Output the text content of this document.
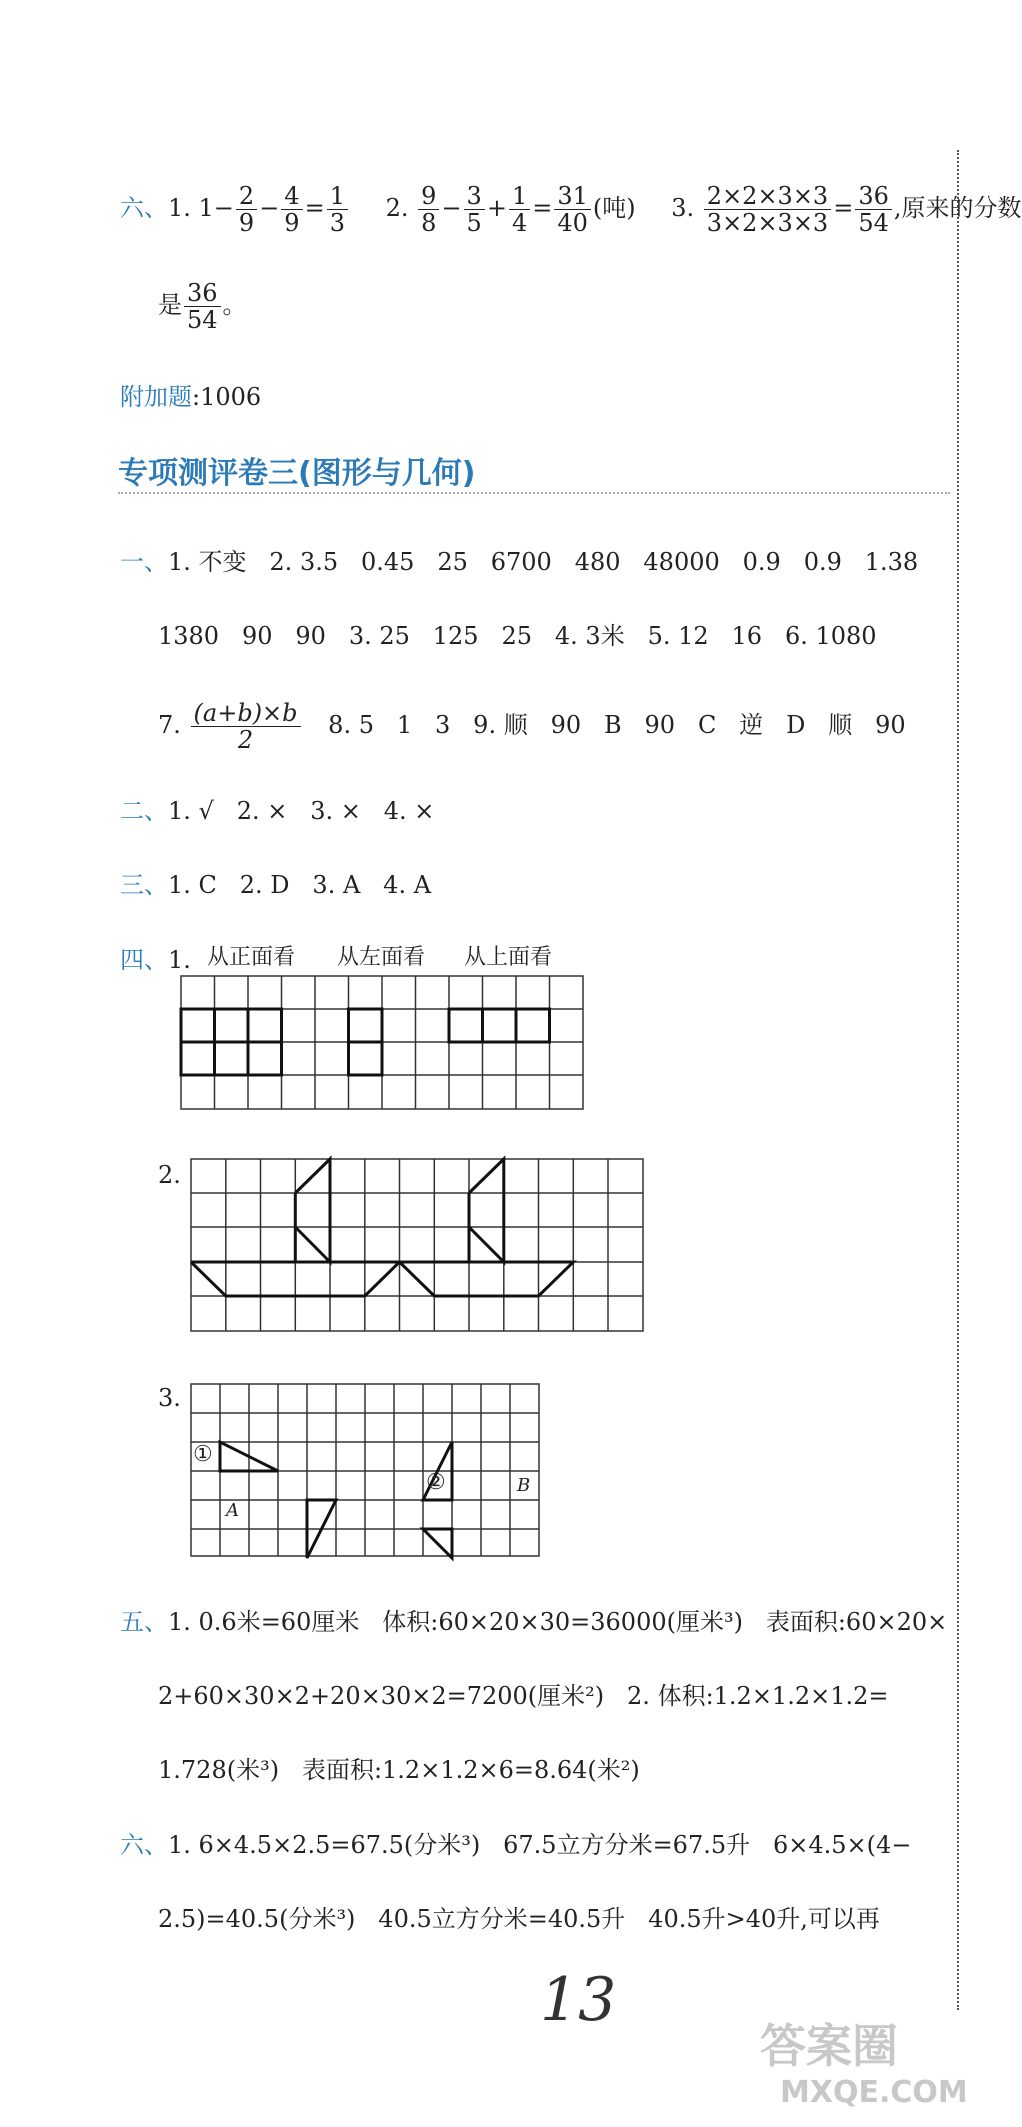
六、1. $1- \frac{2}{9} - \frac{4}{9} = \frac{1}{3} 2$. $\frac{9}{8} - \frac{3}{5} + \frac{1}{4} = \frac{31}{40}$ (吨) 3. $\frac{2\times 2\times 3\times 3}{3\times 2\times 3\times 3} = \frac{36}{54}$ ,原来的分数
是 $\frac{36}{54}$ 。
附加题:1006
专项测评卷三(图形与几何)
一、1. 不变   2. 3.5   0.45   25   6700   480   48000   0.9   0.9   1.38
1380   90   90   3. 25   125   25   4. 3米   5. 12   16   6. 1080
7. $\frac{(a+b)\times b}{2} 8$. 5   1   3   9. 顺   90   B   90   C   逆   D   顺   90
二、1. √   2. ×   3. ×   4. ×
三、1. C   2. D   3. A   4. A
四、1. 从正面看 从左面看 从上面看
2.
3.
①
②
A
B
五、1. 0.6米=60厘米   体积:60×20×30=36000(厘米³)   表面积:60×20×
2+60×30×2+20×30×2=7200(厘米²)   2. 体积:1.2×1.2×1.2=
1.728(米³)   表面积:1.2×1.2×6=8.64(米²)
六、1. 6×4.5×2.5=67.5(分米³)   67.5立方分米=67.5升   6×4.5×(4−
2.5)=40.5(分米³)   40.5立方分米=40.5升   40.5升>40升,可以再
13
答案圈
MXQE.COM
